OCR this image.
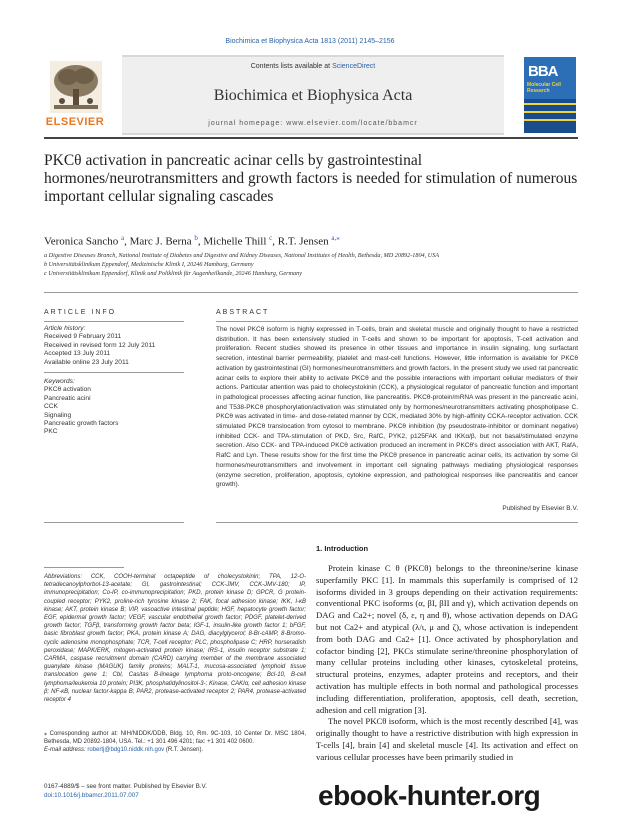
Biochimica et Biophysica Acta 1813 (2011) 2145–2156
ELSEVIER
Contents lists available at ScienceDirect
Biochimica et Biophysica Acta
journal homepage: www.elsevier.com/locate/bbamcr
BBA
Molecular Cell Research
PKCθ activation in pancreatic acinar cells by gastrointestinal hormones/neurotransmitters and growth factors is needed for stimulation of numerous important cellular signaling cascades
Veronica Sancho $^a$, Marc J. Berna $^b$, Michelle Thill $^c$, R.T. Jensen $^{a,⁎}$
a Digestive Diseases Branch, National Institute of Diabetes and Digestive and Kidney Diseases, National Institutes of Health, Bethesda, MD 20892-1804, USA
b Universitätsklinikum Eppendorf, Medizinische Klinik I, 20246 Hamburg, Germany
c Universitätsklinikum Eppendorf, Klinik und Poliklinik für Augenheilkunde, 20246 Hamburg, Germany
ARTICLE INFO	ABSTRACT
Article history:
Received 9 February 2011
Received in revised form 12 July 2011
Accepted 13 July 2011
Available online 23 July 2011
Keywords:
PKCθ activation
Pancreatic acini
CCK
Signaling
Pancreatic growth factors
PKC
The novel PKCθ isoform is highly expressed in T-cells, brain and skeletal muscle and originally thought to have a restricted distribution. It has been extensively studied in T-cells and shown to be important for apoptosis, T-cell activation and proliferation. Recent studies showed its presence in other tissues and importance in insulin signaling, lung surfactant secretion, intestinal barrier permeability, platelet and mast-cell functions. However, little information is available for PKCθ activation by gastrointestinal (GI) hormones/neurotransmitters and growth factors. In the present study we used rat pancreatic acinar cells to explore their ability to activate PKCθ and the possible interactions with important cellular mediators of their actions. Particular attention was paid to cholecystokinin (CCK), a physiological regulator of pancreatic function and important in pathological processes affecting acinar function, like pancreatitis. PKCθ-protein/mRNA was present in the pancreatic acini, and T538-PKCθ phosphorylation/activation was stimulated only by hormones/neurotransmitters activating phospholipase C. PKCθ was activated in time- and dose-related manner by CCK, mediated 30% by high-affinity CCKA-receptor activation. CCK stimulated PKCθ translocation from cytosol to membrane. PKCθ inhibition (by pseudostrate-inhibitor or dominant negative) inhibited CCK- and TPA-stimulation of PKD, Src, RafC, PYK2, p125FAK and IKKα/β, but not basal/stimulated enzyme secretion. Also CCK- and TPA-induced PKCθ activation produced an increment in PKCθ's direct association with AKT, RafA, RafC and Lyn. These results show for the first time the PKCθ presence in pancreatic acinar cells, its activation by some GI hormones/neurotransmitters and involvement in important cell signaling pathways mediating physiological responses (enzyme secretion, proliferation, apoptosis, cytokine expression, and pathological responses like pancreatitis and cancer growth).
Published by Elsevier B.V.
Abbreviations: CCK, COOH-terminal octapeptide of cholecystokinin; TPA, 12-O-tetradecanoylphorbol-13-acetate; GI, gastrointestinal; CCK-JMV, CCK-JMV-180; IP, immunoprecipitation; Co-IP, co-immunoprecipitation; PKD, protein kinase D; GPCR, G protein-coupled receptor; PYK2, proline-rich tyrosine kinase 2; FAK, focal adhesion kinase; IKK, I-κB kinase; AKT, protein kinase B; VIP, vasoactive intestinal peptide; HGF, hepatocyte growth factor; EGF, epidermal growth factor; VEGF, vascular endothelial growth factor; PDGF, platelet-derived growth factor; TGFβ, transforming growth factor beta; IGF-1, insulin-like growth factor 1; bFGF, basic fibroblast growth factor; PKA, protein kinase A; DAG, diacylglycerol; 8-Br-cAMP, 8-Bromo-cyclic adenosine monophosphate; TCR, T-cell receptor; PLC, phospholipase C; HRP, horseradish peroxidase; MAPK/ERK, mitogen-activated protein kinase; IRS-1, insulin receptor substrate 1; CARMA, caspase recruitment domain (CARD) carrying member of the membrane associated guanylate kinase (MAGUK) family proteins; MALT-1, mucosa-associated lymphoid tissue translocation gene 1; Cbl, Casitas B-lineage lymphoma proto-oncogene; Bcl-10, B-cell lymphoma/leukemia 10 protein; PI3K, phosphatidylinositol-3-; Kinase, CAKIα, cell adhesion kinase β; NF-κB, nuclear factor-kappa B; PAR2, protease-activated receptor 2; PAR4, protease-activated receptor 4
⁎ Corresponding author at: NIH/NIDDK/DDB, Bldg. 10, Rm. 9C-103, 10 Center Dr. MSC 1804, Bethesda, MD 20892-1804, USA. Tel.: +1 301 496 4201; fax: +1 301 402 0600.
E-mail address: robertj@bdg10.niddk.nih.gov (R.T. Jensen).
0167-4889/$ – see front matter. Published by Elsevier B.V.
doi:10.1016/j.bbamcr.2011.07.007
1. Introduction

Protein kinase C θ (PKCθ) belongs to the threonine/serine kinase superfamily PKC [1]. In mammals this superfamily is comprised of 12 isoforms divided in 3 groups depending on their activation requirements: conventional PKC isoforms (α, βI, βII and γ), which activation depends on DAG and Ca2+; novel (δ, ε, η and θ), whose activation depends on DAG but not Ca2+ and atypical (λ/ι, μ and ζ), whose activation is independent from both DAG and Ca2+ [1]. Once activated by phosphorylation and cofactor binding [2], PKCs stimulate serine/threonine phosphorylation of many cellular proteins including other kinases, cytoskeletal proteins, structural proteins, enzymes, adapter proteins and receptors, and their activation has multiple effects in both normal and pathological processes including differentiation, proliferation, apoptosis, cell death, secretion, adhesion and cell migration [3].

The novel PKCθ isoform, which is the most recently described [4], was originally thought to have a restrictive distribution with high expression in T-cells [4], brain [4] and skeletal muscle [4]. Its activation and effect on various cellular processes have been primarily studied in

ebook-hunter.org
